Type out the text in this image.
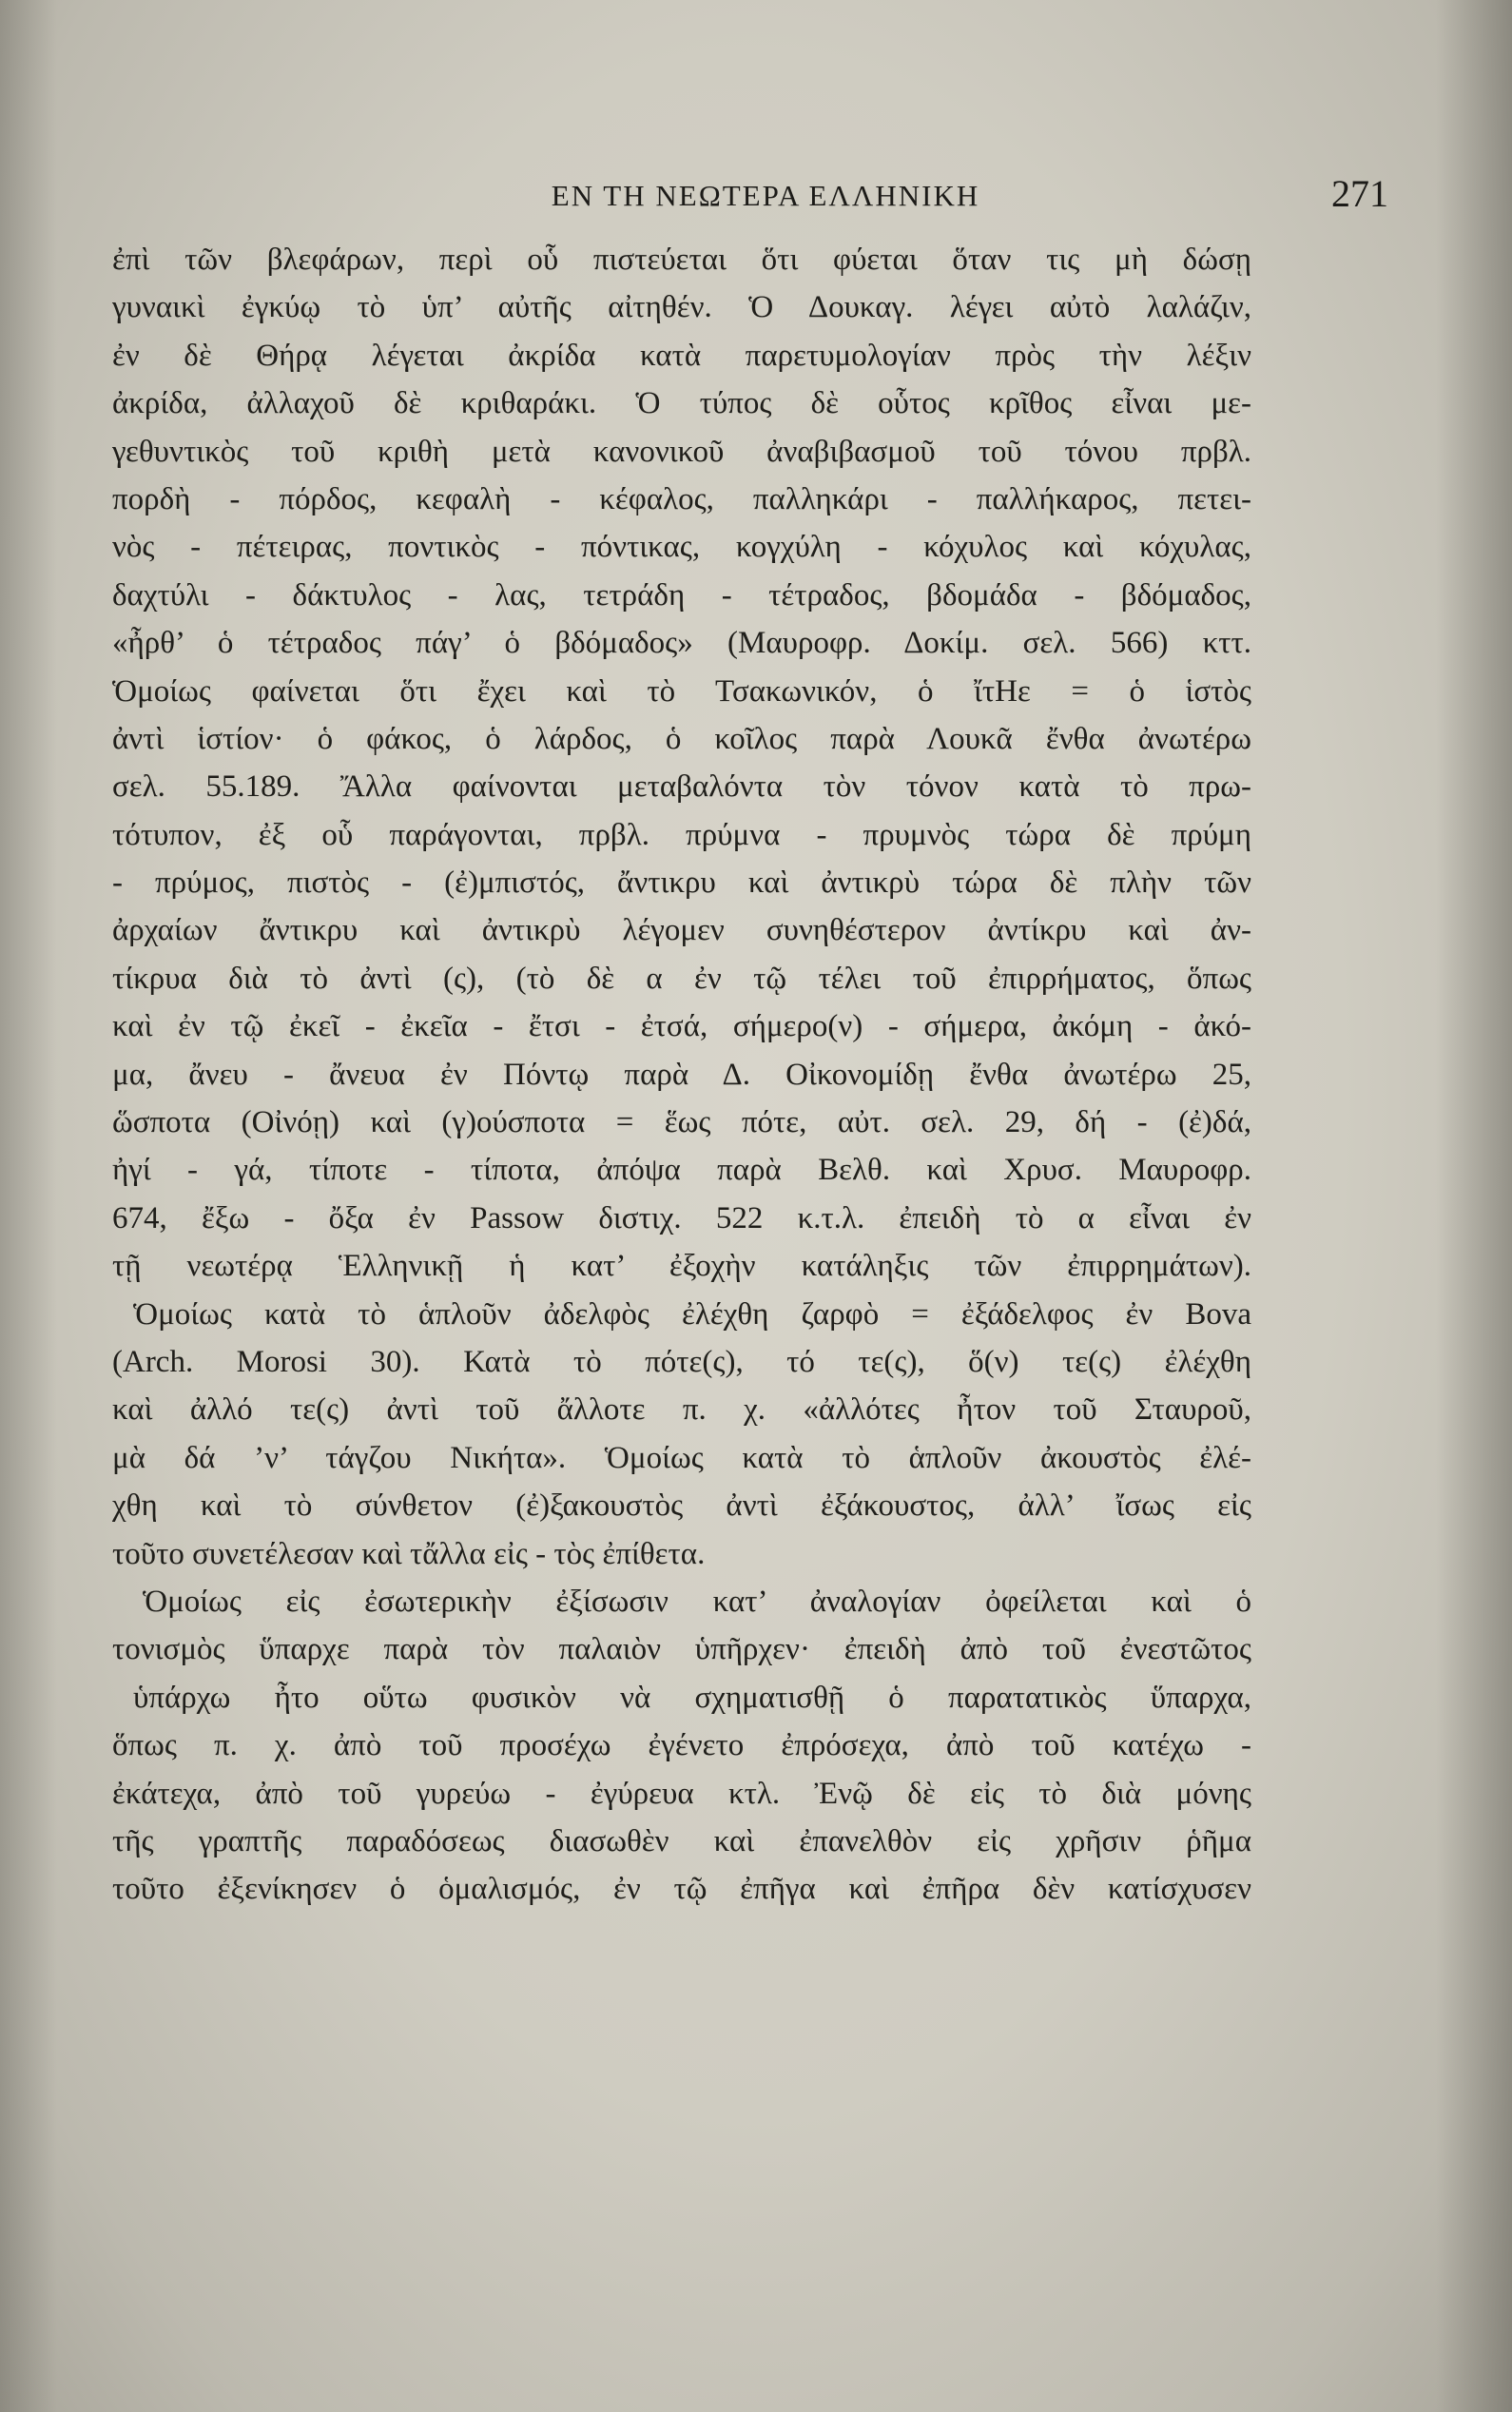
ΕΝ ΤΗ ΝΕΩΤΕΡΑ ΕΛΛΗΝΙΚΗ	271
ἐπὶ τῶν βλεφάρων, περὶ οὗ πιστεύεται ὅτι φύεται ὅταν τις μὴ δώσῃ
γυναικὶ ἐγκύῳ τὸ ὑπ’ αὐτῆς αἰτηθέν. Ὁ Δουκαγ. λέγει αὐτὸ λαλάζιν,
ἐν δὲ Θήρᾳ λέγεται ἀκρίδα κατὰ παρετυμολογίαν πρὸς τὴν λέξιν
ἀκρίδα, ἀλλαχοῦ δὲ κριθαράκι. Ὁ τύπος δὲ οὗτος κρῖθος εἶναι με-
γεθυντικὸς τοῦ κριθὴ μετὰ κανονικοῦ ἀναβιβασμοῦ τοῦ τόνου πρβλ.
πορδὴ - πόρδος, κεφαλὴ - κέφαλος, παλληκάρι - παλλήκαρος, πετει-
νὸς - πέτειρας, ποντικὸς - πόντικας, κογχύλη - κόχυλος καὶ κόχυλας,
δαχτύλι - δάκτυλος - λας, τετράδη - τέτραδος, βδομάδα - βδόμαδος,
«ἦρθ’ ὁ τέτραδος πάγ’ ὁ βδόμαδος» (Μαυροφρ. Δοκίμ. σελ. 566) κττ.
Ὁμοίως φαίνεται ὅτι ἔχει καὶ τὸ Τσακωνικόν, ὁ ἴτΗε = ὁ ἱστὸς
ἀντὶ ἱστίον· ὁ φάκος, ὁ λάρδος, ὁ κοῖλος παρὰ Λουκᾶ ἔνθα ἀνωτέρω
σελ. 55.189. Ἄλλα φαίνονται μεταβαλόντα τὸν τόνον κατὰ τὸ πρω-
τότυπον, ἐξ οὗ παράγονται, πρβλ. πρύμνα - πρυμνὸς τώρα δὲ πρύμη
- πρύμος, πιστὸς - (ἐ)μπιστός, ἄντικρυ καὶ ἀντικρὺ τώρα δὲ πλὴν τῶν
ἀρχαίων ἄντικρυ καὶ ἀντικρὺ λέγομεν συνηθέστερον ἀντίκρυ καὶ ἀν-
τίκρυα διὰ τὸ ἀντὶ (ς), (τὸ δὲ α ἐν τῷ τέλει τοῦ ἐπιρρήματος, ὅπως
καὶ ἐν τῷ ἐκεῖ - ἐκεῖα - ἔτσι - ἐτσά, σήμερο(ν) - σήμερα, ἀκόμη - ἀκό-
μα, ἄνευ - ἄνευα ἐν Πόντῳ παρὰ Δ. Οἰκονομίδῃ ἔνθα ἀνωτέρω 25,
ὥσποτα (Οἰνόῃ) καὶ (γ)ούσποτα = ἕως πότε, αὐτ. σελ. 29, δή - (ἐ)δά,
ἠγί - γά, τίποτε - τίποτα, ἀπόψα παρὰ Βελθ. καὶ Χρυσ. Μαυροφρ.
674, ἔξω - ὄξα ἐν Passow διστιχ. 522 κ.τ.λ. ἐπειδὴ τὸ α εἶναι ἐν
τῇ νεωτέρᾳ Ἑλληνικῇ ἡ κατ’ ἐξοχὴν κατάληξις τῶν ἐπιρρημάτων).
Ὁμοίως κατὰ τὸ ἁπλοῦν ἀδελφὸς ἐλέχθη ζαρφὸ = ἐξάδελφος ἐν Bova
(Arch. Morosi 30). Κατὰ τὸ πότε(ς), τό τε(ς), ὅ(ν) τε(ς) ἐλέχθη
καὶ ἀλλό τε(ς) ἀντὶ τοῦ ἄλλοτε π. χ. «ἀλλότες ἦτον τοῦ Σταυροῦ,
μὰ δά ’ν’ τάγζου Νικήτα». Ὁμοίως κατὰ τὸ ἁπλοῦν ἀκουστὸς ἐλέ-
χθη καὶ τὸ σύνθετον (ἐ)ξακουστὸς ἀντὶ ἐξάκουστος, ἀλλ’ ἴσως εἰς
τοῦτο συνετέλεσαν καὶ τἄλλα εἰς - τὸς ἐπίθετα.
Ὁμοίως εἰς ἐσωτερικὴν ἐξίσωσιν κατ’ ἀναλογίαν ὀφείλεται καὶ ὁ
τονισμὸς ὕπαρχε παρὰ τὸν παλαιὸν ὑπῆρχεν· ἐπειδὴ ἀπὸ τοῦ ἐνεστῶτος
ὑπάρχω ἦτο οὕτω φυσικὸν νὰ σχηματισθῇ ὁ παρατατικὸς ὕπαρχα,
ὅπως π. χ. ἀπὸ τοῦ προσέχω ἐγένετο ἐπρόσεχα, ἀπὸ τοῦ κατέχω -
ἐκάτεχα, ἀπὸ τοῦ γυρεύω - ἐγύρευα κτλ. Ἐνῷ δὲ εἰς τὸ διὰ μόνης
τῆς γραπτῆς παραδόσεως διασωθὲν καὶ ἐπανελθὸν εἰς χρῆσιν ῥῆμα
τοῦτο ἐξενίκησεν ὁ ὁμαλισμός, ἐν τῷ ἐπῆγα καὶ ἐπῆρα δὲν κατίσχυσεν
